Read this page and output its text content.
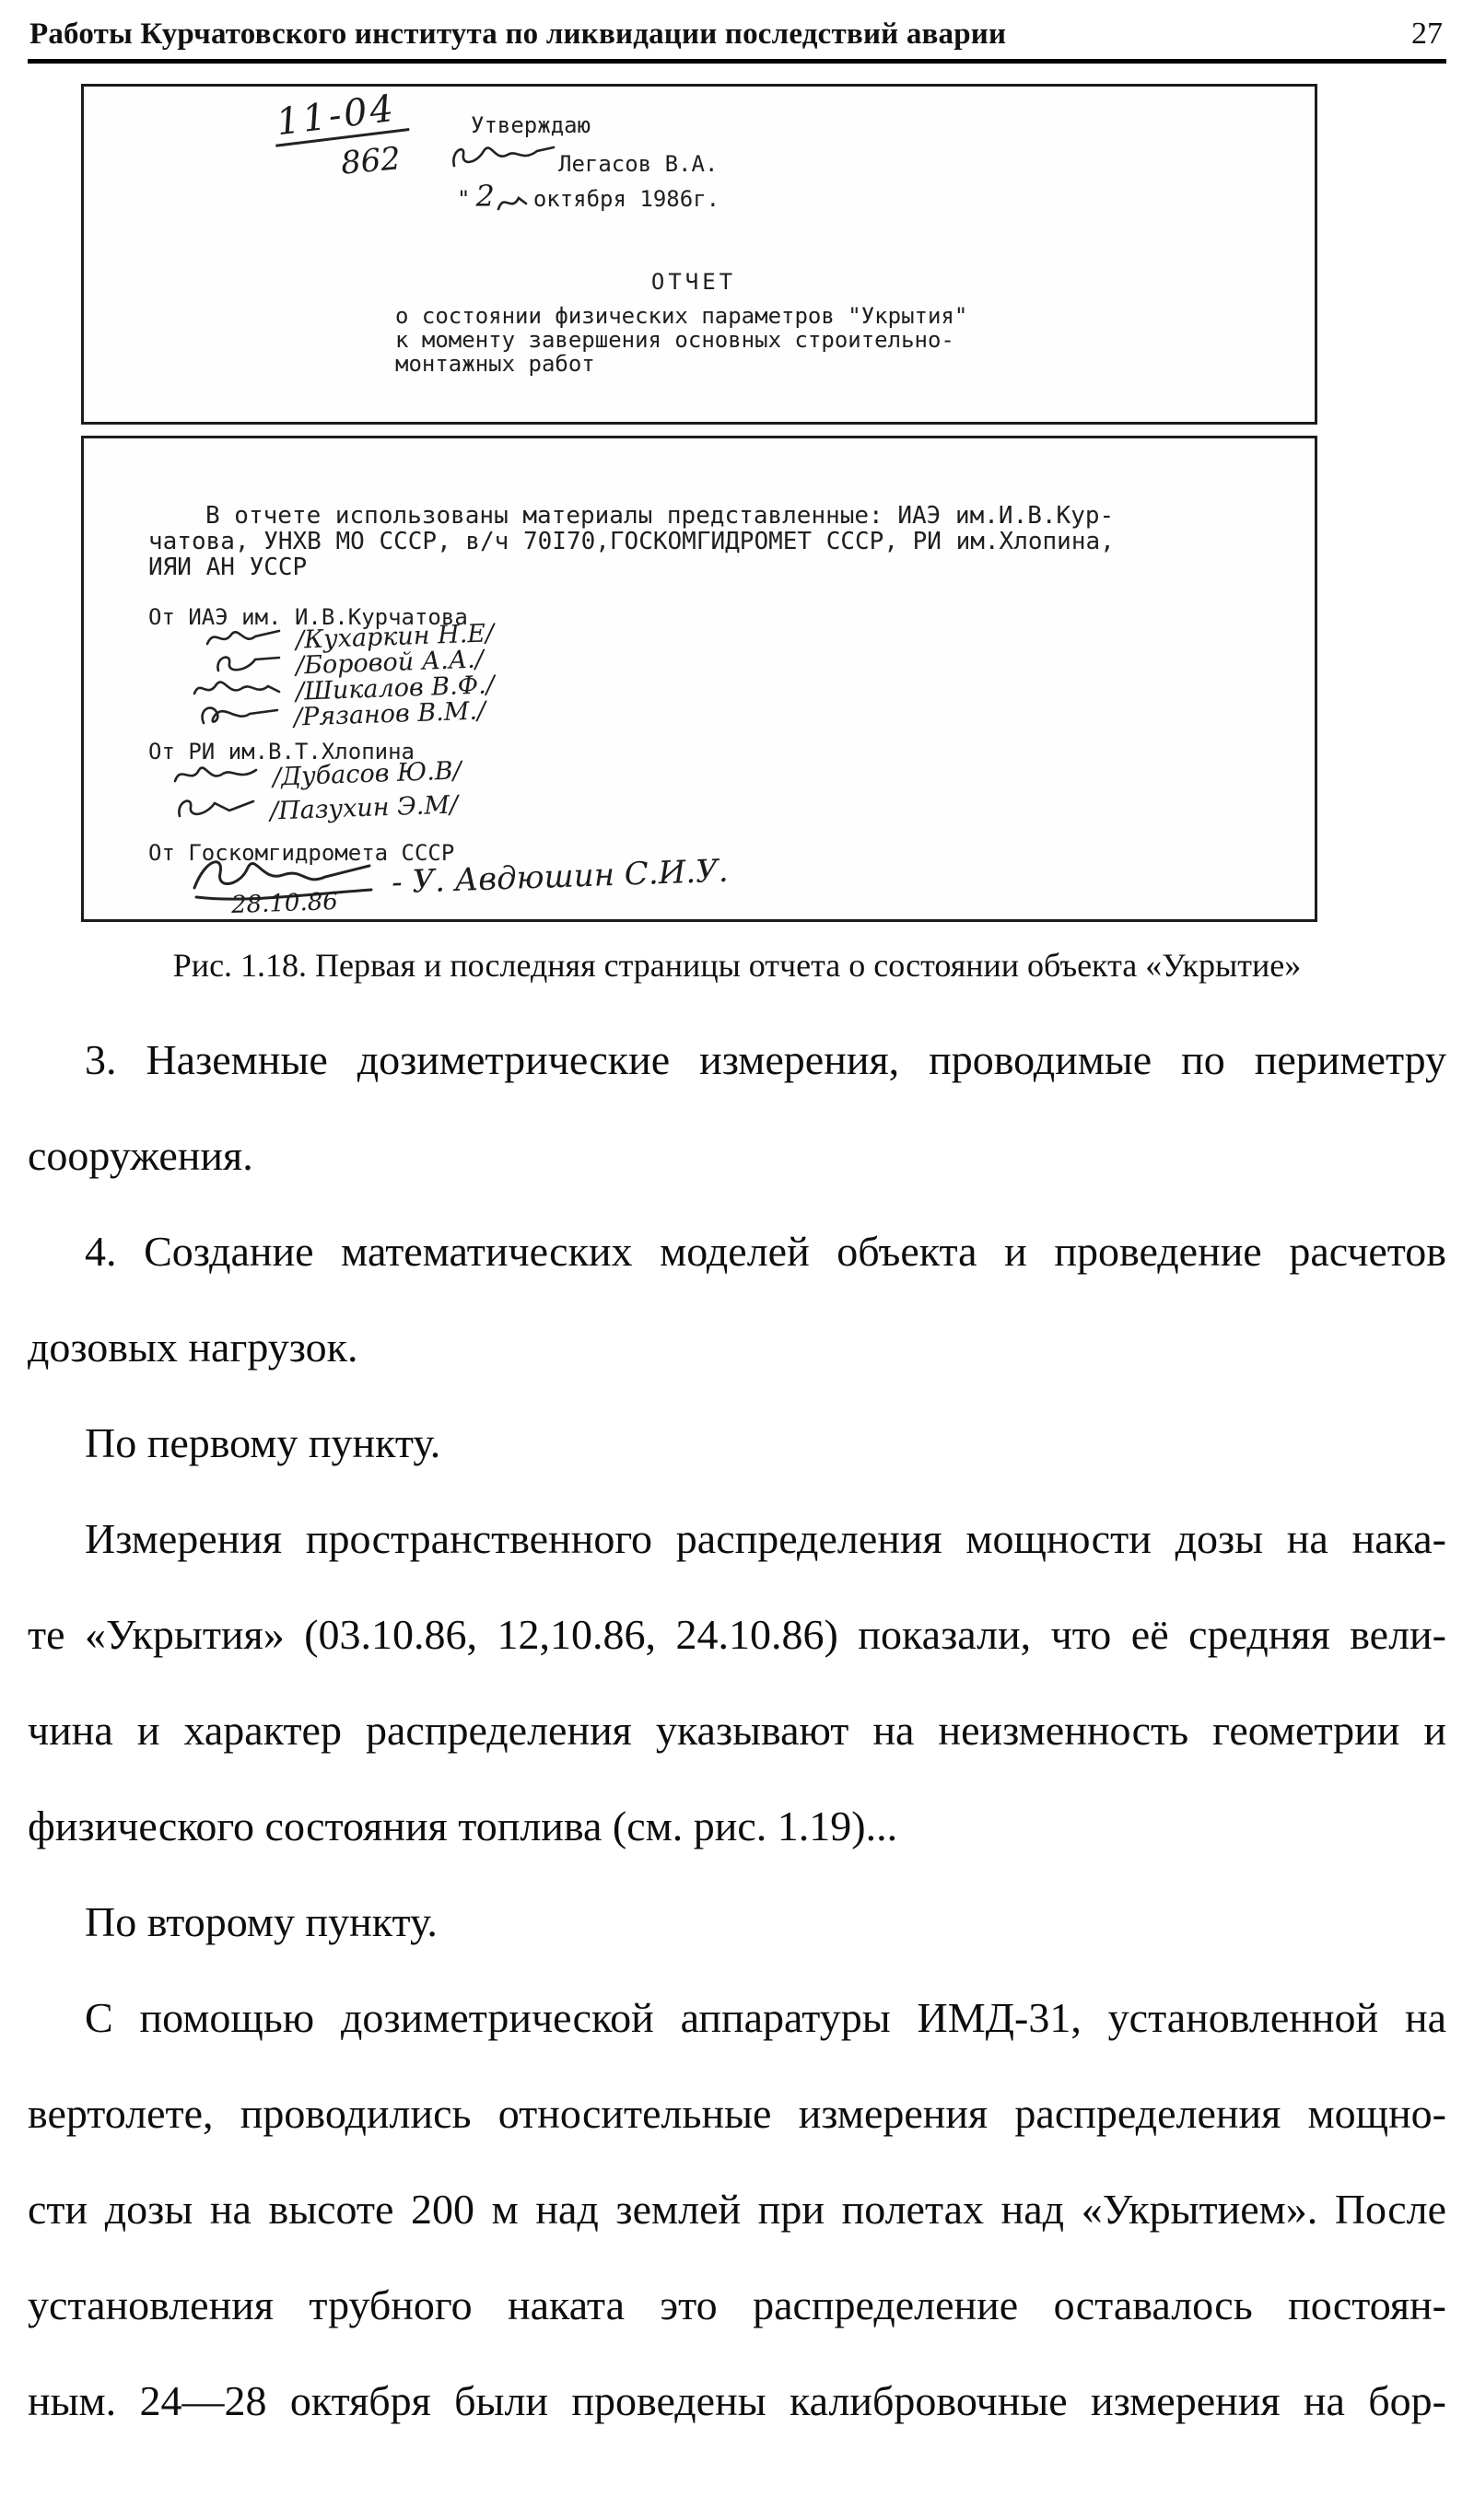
Работы Курчатовского института по ликвидации последствий аварии	27
11-04
862
Утверждаю
Легасов В.А.
" 2 октября 1986г.
ОТЧЕТ
о состоянии физических параметров "Укрытия"
к моменту завершения основных строительно-
монтажных работ
В отчете использованы материалы представленные: ИАЭ им.И.В.Кур-
чатова, УНХВ МО СССР, в/ч 70I70,ГОСКОМГИДРОМЕТ СССР, РИ им.Хлопина,
ИЯИ АН УССР
От ИАЭ им. И.В.Курчатова
/Кухаркин Н.Е/
/Боровой А.А./
/Шикалов В.Ф./
/Рязанов В.М./
От РИ им.В.Т.Хлопина
/Дубасов Ю.В/
/Пазухин Э.М/
От Госкомгидромета СССР
- У. Авдюшин С.И.У.
28.10.86
Рис. 1.18. Первая и последняя страницы отчета о состоянии объекта «Укрытие»
3. Наземные дозиметрические измерения, проводимые по периметру
сооружения.
4. Создание математических моделей объекта и проведение расчетов
дозовых нагрузок.
По первому пункту.
Измерения пространственного распределения мощности дозы на нака-
те «Укрытия» (03.10.86, 12,10.86, 24.10.86) показали, что её средняя вели-
чина и характер распределения указывают на неизменность геометрии и
физического состояния топлива (см. рис. 1.19)...
По второму пункту.
С помощью дозиметрической аппаратуры ИМД-31, установленной на
вертолете, проводились относительные измерения распределения мощно-
сти дозы на высоте 200 м над землей при полетах над «Укрытием». После
установления трубного наката это распределение оставалось постоян-
ным. 24—28 октября были проведены калибровочные измерения на бор-
